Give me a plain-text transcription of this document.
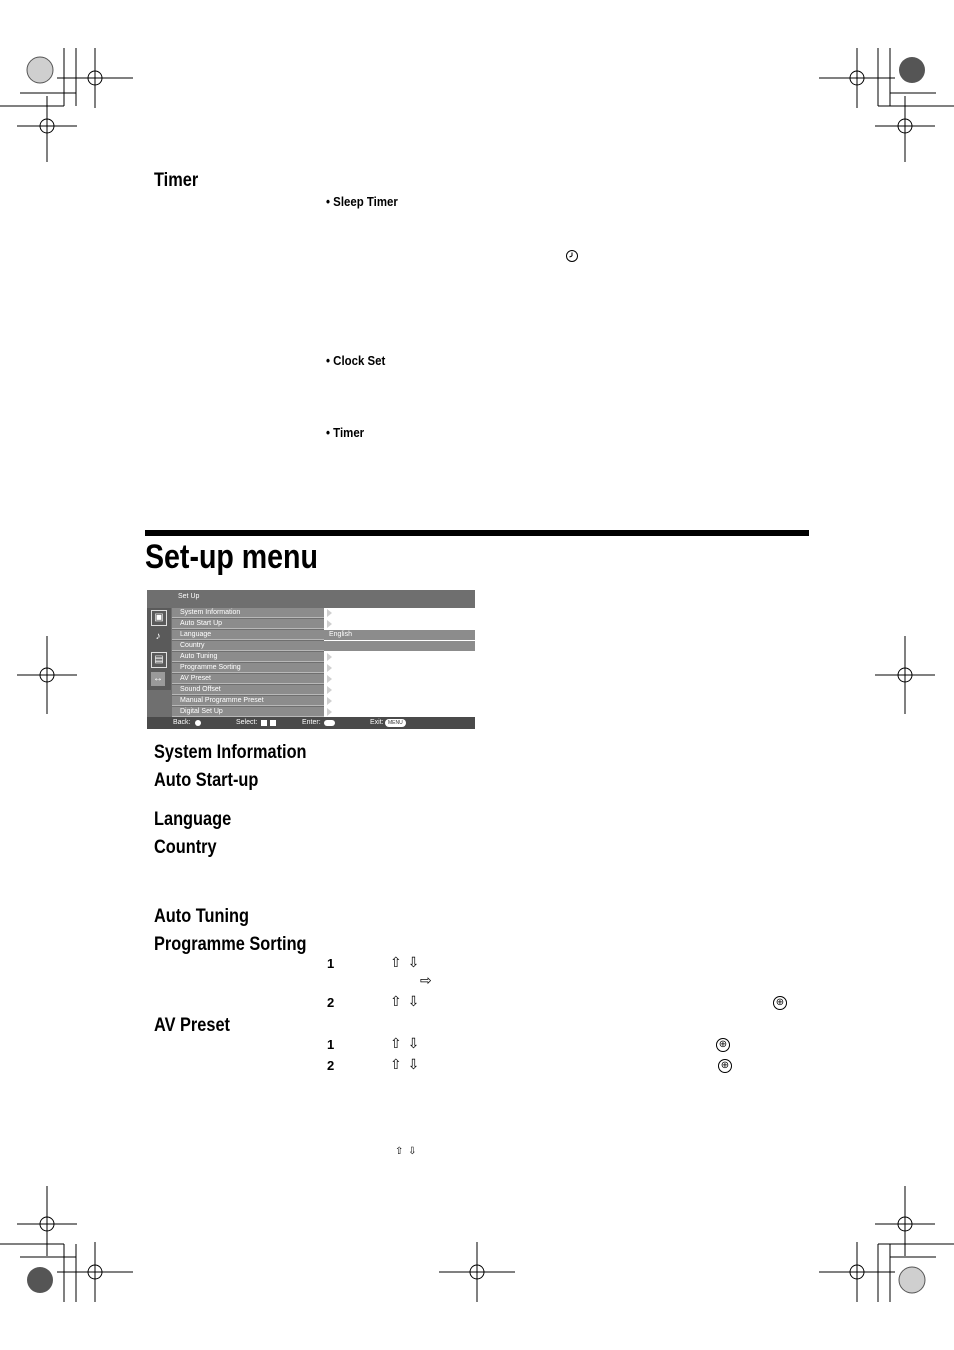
Timer
• Sleep Timer
• Clock Set
• Timer
Set-up menu
Set Up
▣
♪
▤
↔
System Information
Auto Start Up
Language	English
Country
Auto Tuning
Programme Sorting
AV Preset
Sound Offset
Manual Programme Preset
Digital Set Up
Back:	Select:	Enter:	Exit: MENU
System Information
Auto Start-up
Language
Country
Auto Tuning
Programme Sorting
AV Preset
1	⇧ ⇩
⇨
2	⇧ ⇩	⊕
1	⇧ ⇩	⊕
2	⇧ ⇩	⊕
⇧ ⇩
